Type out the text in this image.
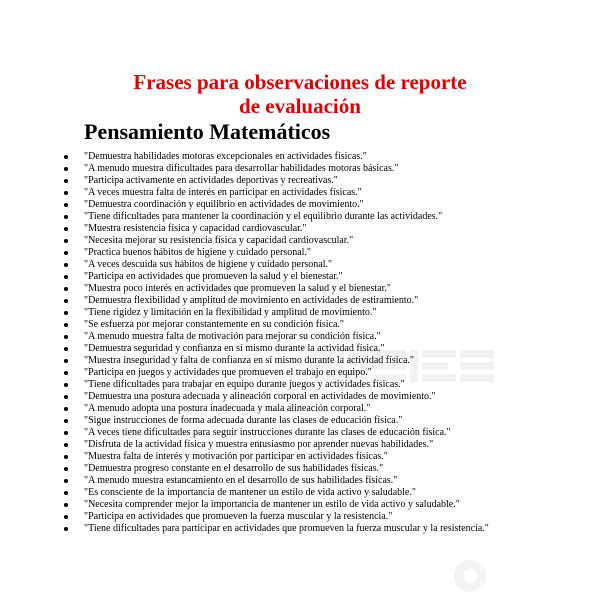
Frases para observaciones de reporte
de evaluación
Pensamiento Matemáticos
"Demuestra habilidades motoras excepcionales en actividades físicas."
"A menudo muestra dificultades para desarrollar habilidades motoras básicas."
"Participa activamente en actividades deportivas y recreativas."
"A veces muestra falta de interés en participar en actividades físicas."
"Demuestra coordinación y equilibrio en actividades de movimiento."
"Tiene dificultades para mantener la coordinación y el equilibrio durante las actividades."
"Muestra resistencia física y capacidad cardiovascular."
"Necesita mejorar su resistencia física y capacidad cardiovascular."
"Practica buenos hábitos de higiene y cuidado personal."
"A veces descuida sus hábitos de higiene y cuidado personal."
"Participa en actividades que promueven la salud y el bienestar."
"Muestra poco interés en actividades que promueven la salud y el bienestar."
"Demuestra flexibilidad y amplitud de movimiento en actividades de estiramiento."
"Tiene rigidez y limitación en la flexibilidad y amplitud de movimiento."
"Se esfuerza por mejorar constantemente en su condición física."
"A menudo muestra falta de motivación para mejorar su condición física."
"Demuestra seguridad y confianza en sí mismo durante la actividad física."
"Muestra inseguridad y falta de confianza en sí mismo durante la actividad física."
"Participa en juegos y actividades que promueven el trabajo en equipo."
"Tiene dificultades para trabajar en equipo durante juegos y actividades físicas."
"Demuestra una postura adecuada y alineación corporal en actividades de movimiento."
"A menudo adopta una postura inadecuada y mala alineación corporal."
"Sigue instrucciones de forma adecuada durante las clases de educación física."
"A veces tiene dificultades para seguir instrucciones durante las clases de educación física."
"Disfruta de la actividad física y muestra entusiasmo por aprender nuevas habilidades."
"Muestra falta de interés y motivación por participar en actividades físicas."
"Demuestra progreso constante en el desarrollo de sus habilidades físicas."
"A menudo muestra estancamiento en el desarrollo de sus habilidades físicas."
"Es consciente de la importancia de mantener un estilo de vida activo y saludable."
"Necesita comprender mejor la importancia de mantener un estilo de vida activo y saludable."
"Participa en actividades que promueven la fuerza muscular y la resistencia."
"Tiene dificultades para participar en actividades que promueven la fuerza muscular y la resistencia."
